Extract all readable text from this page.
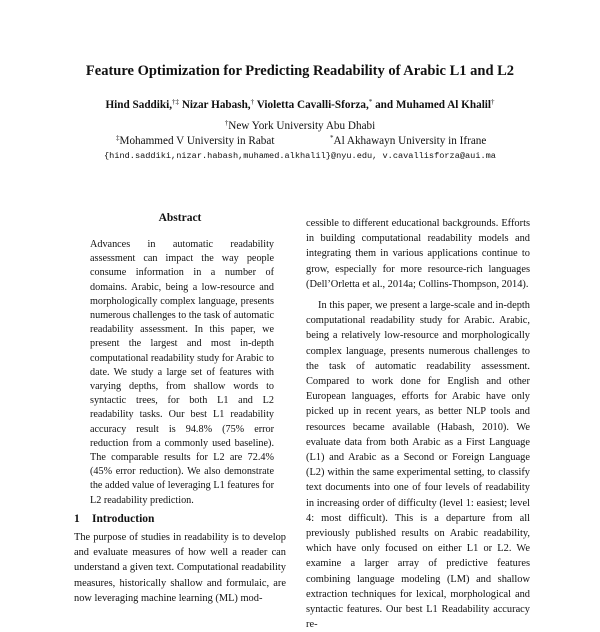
Feature Optimization for Predicting Readability of Arabic L1 and L2
Hind Saddiki,†‡ Nizar Habash,† Violetta Cavalli-Sforza,* and Muhamed Al Khalil†
†New York University Abu Dhabi
‡Mohammed V University in Rabat	*Al Akhawayn University in Ifrane
{hind.saddiki,nizar.habash,muhamed.alkhalil}@nyu.edu, v.cavallisforza@aui.ma
Abstract

Advances in automatic readability assessment can impact the way people consume information in a number of domains. Arabic, being a low-resource and morphologically complex language, presents numerous challenges to the task of automatic readability assessment. In this paper, we present the largest and most in-depth computational readability study for Arabic to date. We study a large set of features with varying depths, from shallow words to syntactic trees, for both L1 and L2 readability tasks. Our best L1 readability accuracy result is 94.8% (75% error reduction from a commonly used baseline). The comparable results for L2 are 72.4% (45% error reduction). We also demonstrate the added value of leveraging L1 features for L2 readability prediction.

1 Introduction

The purpose of studies in readability is to develop and evaluate measures of how well a reader can understand a given text. Computational readability measures, historically shallow and formulaic, are now leveraging machine learning (ML) mod-

cessible to different educational backgrounds. Efforts in building computational readability models and integrating them in various applications continue to grow, especially for more resource-rich languages (Dell’Orletta et al., 2014a; Collins-Thompson, 2014).

In this paper, we present a large-scale and in-depth computational readability study for Arabic. Arabic, being a relatively low-resource and morphologically complex language, presents numerous challenges to the task of automatic readability assessment. Compared to work done for English and other European languages, efforts for Arabic have only picked up in recent years, as better NLP tools and resources became available (Habash, 2010). We evaluate data from both Arabic as a First Language (L1) and Arabic as a Second or Foreign Language (L2) within the same experimental setting, to classify text documents into one of four levels of readability in increasing order of difficulty (level 1: easiest; level 4: most difficult). This is a departure from all previously published results on Arabic readability, which have only focused on either L1 or L2. We examine a larger array of predictive features combining language modeling (LM) and shallow extraction techniques for lexical, morphological and syntactic features. Our best L1 Readability accuracy re-
